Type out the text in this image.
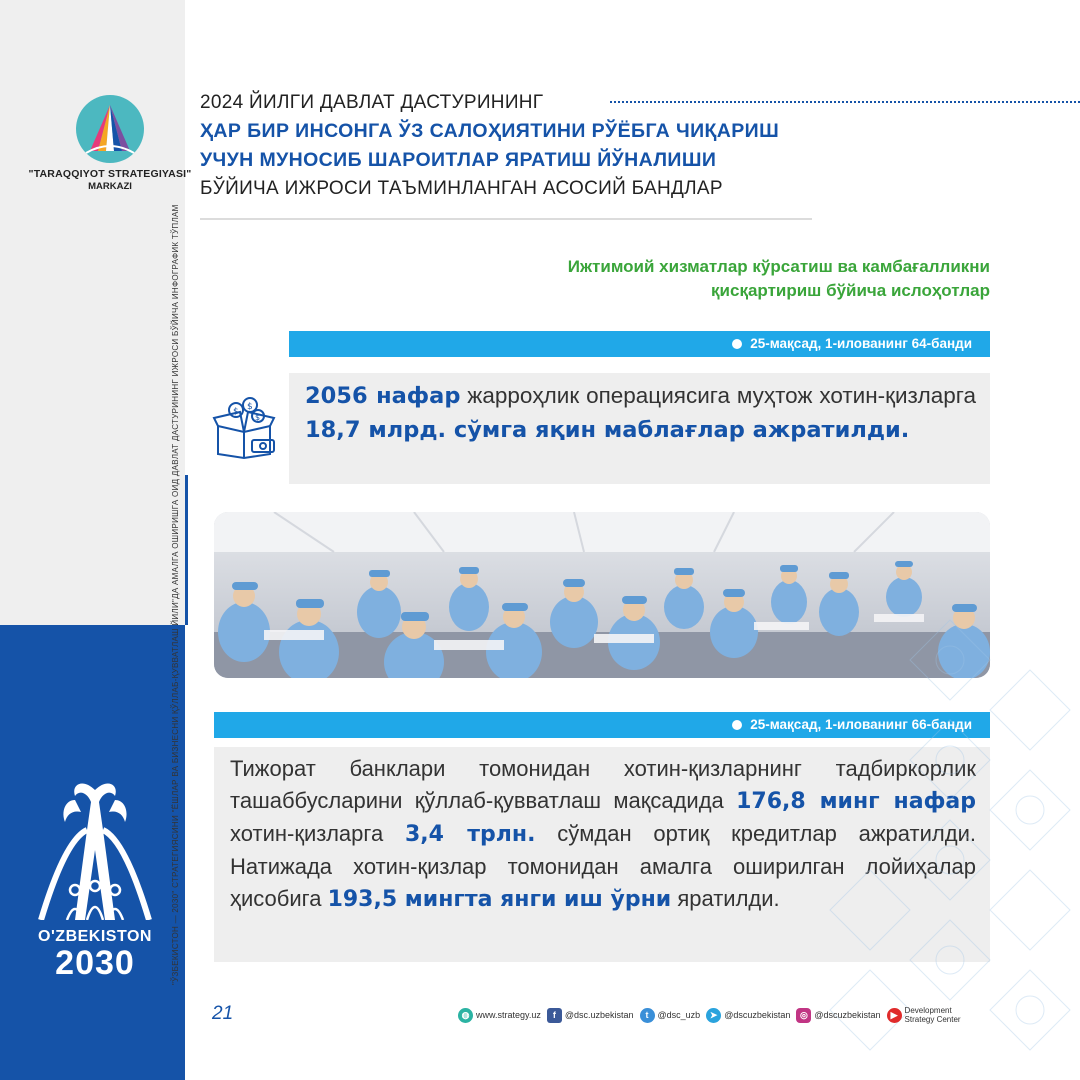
"TARAQQIYOT STRATEGIYASI"
MARKAZI
"ЎЗБЕКИСТОН — 2030" СТРАТЕГИЯСИНИ "ЁШЛАР ВА БИЗНЕСНИ ҚЎЛЛАБ-ҚУВВАТЛАШ ЙИЛИ"ДА АМАЛГА ОШИРИШГА ОИД ДАВЛАТ ДАСТУРИНИНГ ИЖРОСИ БЎЙИЧА ИНФОГРАФИК ТЎПЛАМ
O'ZBEKISTON
2030
2024 ЙИЛГИ ДАВЛАТ ДАСТУРИНИНГ
ҲАР БИР ИНСОНГА ЎЗ САЛОҲИЯТИНИ РЎЁБГА ЧИҚАРИШ
УЧУН МУНОСИБ ШАРОИТЛАР ЯРАТИШ ЙЎНАЛИШИ
БЎЙИЧА ИЖРОСИ ТАЪМИНЛАНГАН АСОСИЙ БАНДЛАР
Ижтимоий хизматлар кўрсатиш ва камбағалликни
қисқартириш бўйича ислоҳотлар
25-мақсад, 1-илованинг 64-банди
$ $
$
2056 нафар жарроҳлик операциясига муҳтож хотин-қизларга 18,7 млрд. сўмга яқин маблағлар ажратилди.
25-мақсад, 1-илованинг 66-банди
Тижорат банклари томонидан хотин-қизларнинг тадбиркорлик ташаббусларини қўллаб-қувватлаш мақсадида 176,8 минг нафар хотин-қизларга 3,4 трлн. сўмдан ортиқ кредитлар ажратилди. Натижада хотин-қизлар томонидан амалга оширилган лойиҳалар ҳисобига 193,5 мингта янги иш ўрни яратилди.
21	◍ www.strategy.uz	f	@dsc.uzbekistan	t	@dsc_uzb	➤ @dscuzbekistan	◎ @dscuzbekistan	▶ Development
Strategy Center
